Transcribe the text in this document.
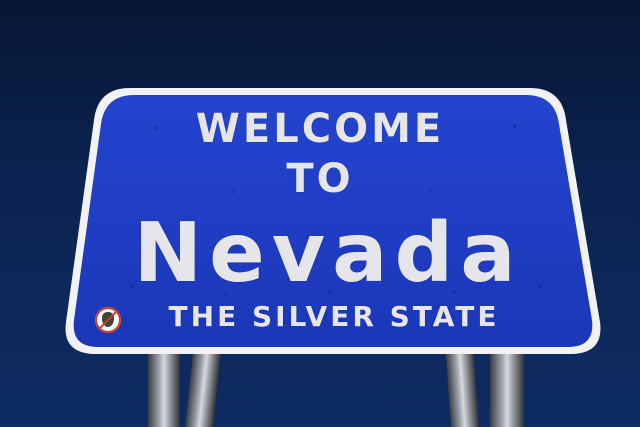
WELCOME
TO
Nevada
THE SILVER STATE
